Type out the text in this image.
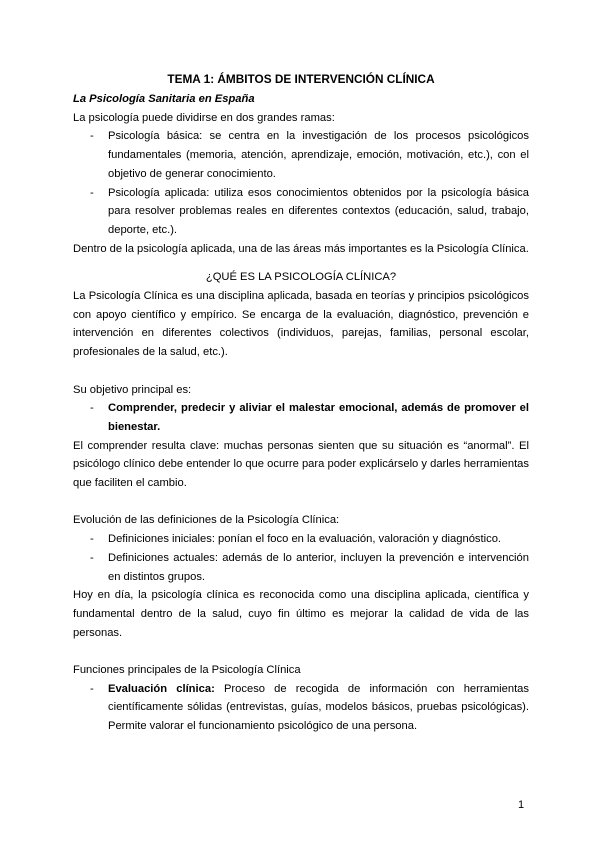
TEMA 1: ÁMBITOS DE INTERVENCIÓN CLÍNICA

La Psicología Sanitaria en España

La psicología puede dividirse en dos grandes ramas:

- Psicología básica: se centra en la investigación de los procesos psicológicos fundamentales (memoria, atención, aprendizaje, emoción, motivación, etc.), con el objetivo de generar conocimiento.
- Psicología aplicada: utiliza esos conocimientos obtenidos por la psicología básica para resolver problemas reales en diferentes contextos (educación, salud, trabajo, deporte, etc.).

Dentro de la psicología aplicada, una de las áreas más importantes es la Psicología Clínica.

¿QUÉ ES LA PSICOLOGÍA CLÍNICA?

La Psicología Clínica es una disciplina aplicada, basada en teorías y principios psicológicos con apoyo científico y empírico. Se encarga de la evaluación, diagnóstico, prevención e intervención en diferentes colectivos (individuos, parejas, familias, personal escolar, profesionales de la salud, etc.).

Su objetivo principal es:

- Comprender, predecir y aliviar el malestar emocional, además de promover el bienestar.

El comprender resulta clave: muchas personas sienten que su situación es “anormal”. El psicólogo clínico debe entender lo que ocurre para poder explicárselo y darles herramientas que faciliten el cambio.

Evolución de las definiciones de la Psicología Clínica:

- Definiciones iniciales: ponían el foco en la evaluación, valoración y diagnóstico.
- Definiciones actuales: además de lo anterior, incluyen la prevención e intervención en distintos grupos.

Hoy en día, la psicología clínica es reconocida como una disciplina aplicada, científica y fundamental dentro de la salud, cuyo fin último es mejorar la calidad de vida de las personas.

Funciones principales de la Psicología Clínica

- Evaluación clínica: Proceso de recogida de información con herramientas científicamente sólidas (entrevistas, guías, modelos básicos, pruebas psicológicas). Permite valorar el funcionamiento psicológico de una persona.
1
